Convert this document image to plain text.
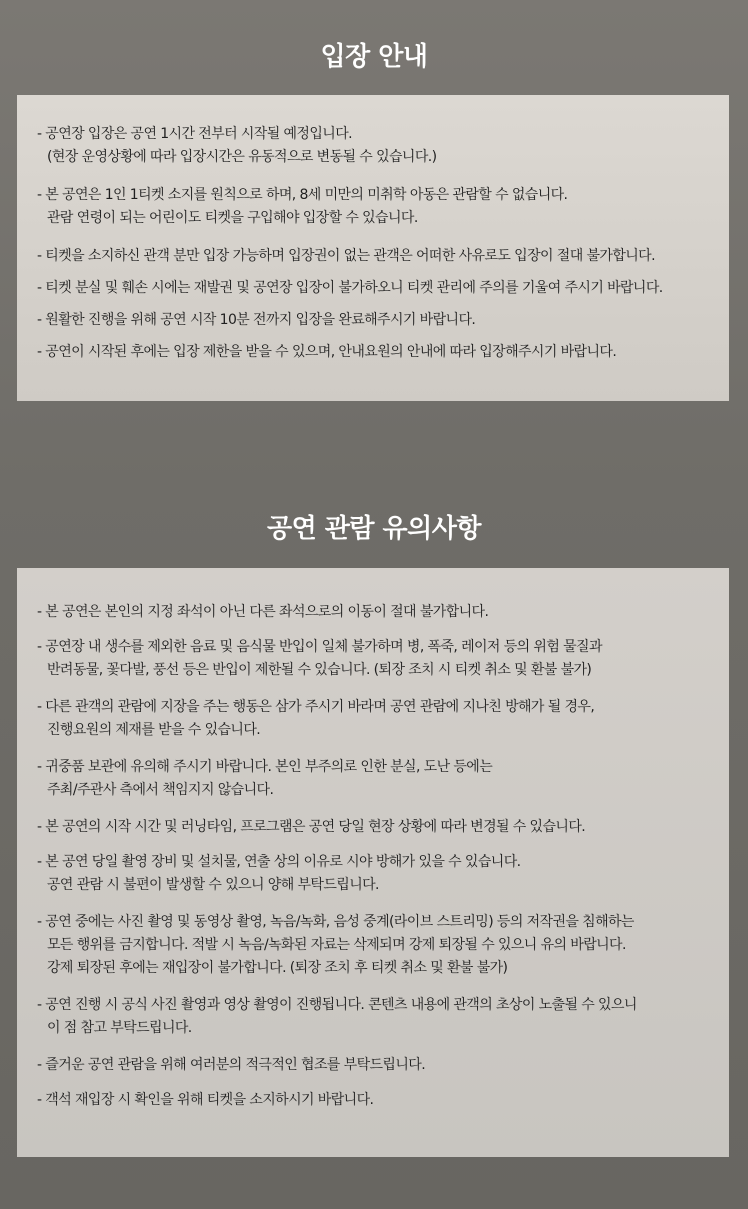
입장 안내

- 공연장 입장은 공연 1시간 전부터 시작될 예정입니다.
(현장 운영상황에 따라 입장시간은 유동적으로 변동될 수 있습니다.)

- 본 공연은 1인 1티켓 소지를 원칙으로 하며, 8세 미만의 미취학 아동은 관람할 수 없습니다.
관람 연령이 되는 어린이도 티켓을 구입해야 입장할 수 있습니다.

- 티켓을 소지하신 관객 분만 입장 가능하며 입장권이 없는 관객은 어떠한 사유로도 입장이 절대 불가합니다.

- 티켓 분실 및 훼손 시에는 재발권 및 공연장 입장이 불가하오니 티켓 관리에 주의를 기울여 주시기 바랍니다.

- 원활한 진행을 위해 공연 시작 10분 전까지 입장을 완료해주시기 바랍니다.

- 공연이 시작된 후에는 입장 제한을 받을 수 있으며, 안내요원의 안내에 따라 입장해주시기 바랍니다.

공연 관람 유의사항

- 본 공연은 본인의 지정 좌석이 아닌 다른 좌석으로의 이동이 절대 불가합니다.

- 공연장 내 생수를 제외한 음료 및 음식물 반입이 일체 불가하며 병, 폭죽, 레이저 등의 위험 물질과
반려동물, 꽃다발, 풍선 등은 반입이 제한될 수 있습니다. (퇴장 조치 시 티켓 취소 및 환불 불가)

- 다른 관객의 관람에 지장을 주는 행동은 삼가 주시기 바라며 공연 관람에 지나친 방해가 될 경우,
진행요원의 제재를 받을 수 있습니다.

- 귀중품 보관에 유의해 주시기 바랍니다. 본인 부주의로 인한 분실, 도난 등에는
주최/주관사 측에서 책임지지 않습니다.

- 본 공연의 시작 시간 및 러닝타임, 프로그램은 공연 당일 현장 상황에 따라 변경될 수 있습니다.

- 본 공연 당일 촬영 장비 및 설치물, 연출 상의 이유로 시야 방해가 있을 수 있습니다.
공연 관람 시 불편이 발생할 수 있으니 양해 부탁드립니다.

- 공연 중에는 사진 촬영 및 동영상 촬영, 녹음/녹화, 음성 중계(라이브 스트리밍) 등의 저작권을 침해하는
모든 행위를 금지합니다. 적발 시 녹음/녹화된 자료는 삭제되며 강제 퇴장될 수 있으니 유의 바랍니다.
강제 퇴장된 후에는 재입장이 불가합니다. (퇴장 조치 후 티켓 취소 및 환불 불가)

- 공연 진행 시 공식 사진 촬영과 영상 촬영이 진행됩니다. 콘텐츠 내용에 관객의 초상이 노출될 수 있으니
이 점 참고 부탁드립니다.

- 즐거운 공연 관람을 위해 여러분의 적극적인 협조를 부탁드립니다.

- 객석 재입장 시 확인을 위해 티켓을 소지하시기 바랍니다.
